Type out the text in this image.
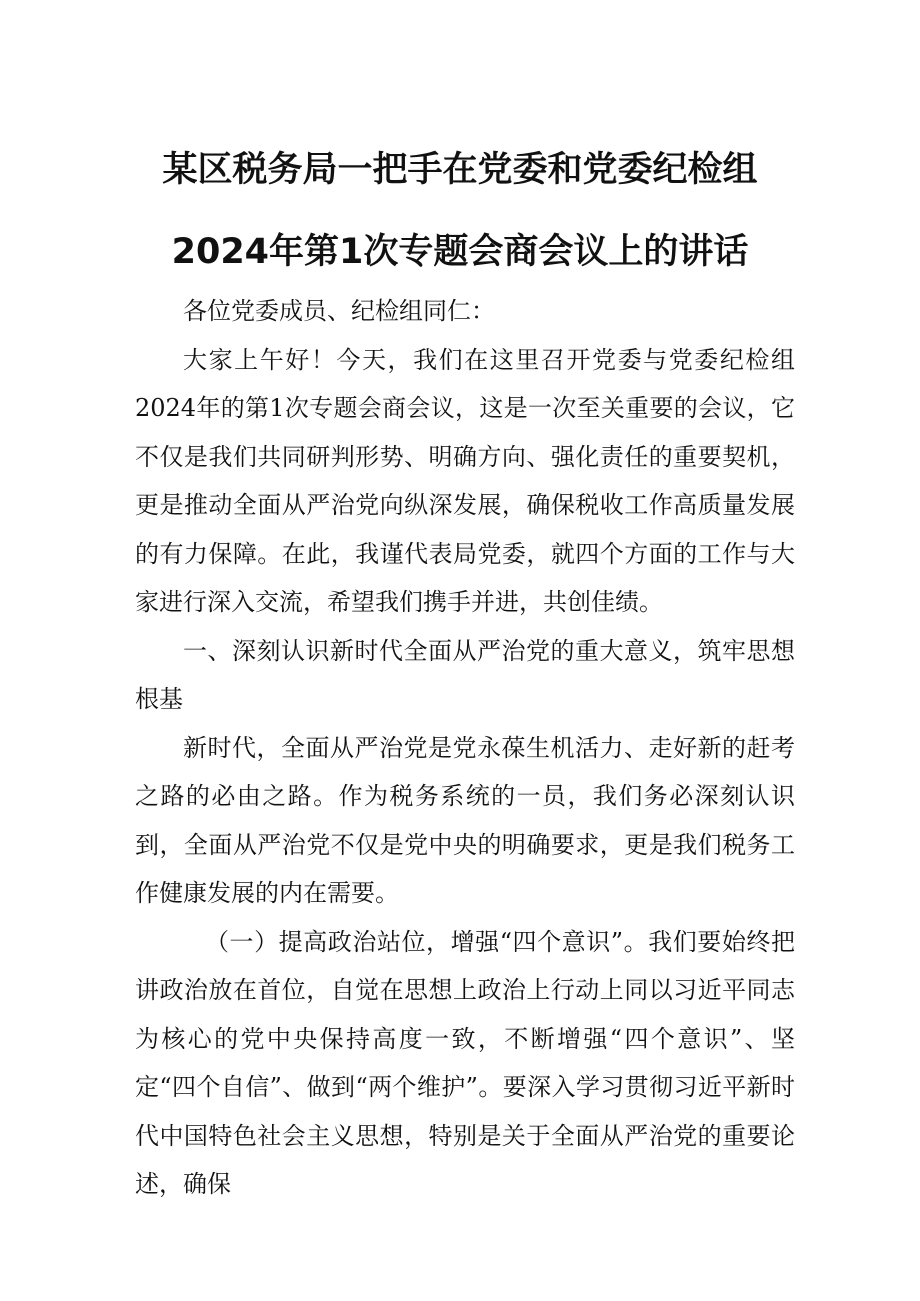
某区税务局一把手在党委和党委纪检组
2024年第1次专题会商会议上的讲话

各位党委成员、纪检组同仁：

大家上午好！今天，我们在这里召开党委与党委纪检组2024年的第1次专题会商会议，这是一次至关重要的会议，它不仅是我们共同研判形势、明确方向、强化责任的重要契机，更是推动全面从严治党向纵深发展，确保税收工作高质量发展的有力保障。在此，我谨代表局党委，就四个方面的工作与大家进行深入交流，希望我们携手并进，共创佳绩。

一、深刻认识新时代全面从严治党的重大意义，筑牢思想根基

新时代，全面从严治党是党永葆生机活力、走好新的赶考之路的必由之路。作为税务系统的一员，我们务必深刻认识到，全面从严治党不仅是党中央的明确要求，更是我们税务工作健康发展的内在需要。

（一）提高政治站位，增强“四个意识”。我们要始终把讲政治放在首位，自觉在思想上政治上行动上同以习近平同志为核心的党中央保持高度一致，不断增强“四个意识”、坚定“四个自信”、做到“两个维护”。要深入学习贯彻习近平新时代中国特色社会主义思想，特别是关于全面从严治党的重要论述，确保
